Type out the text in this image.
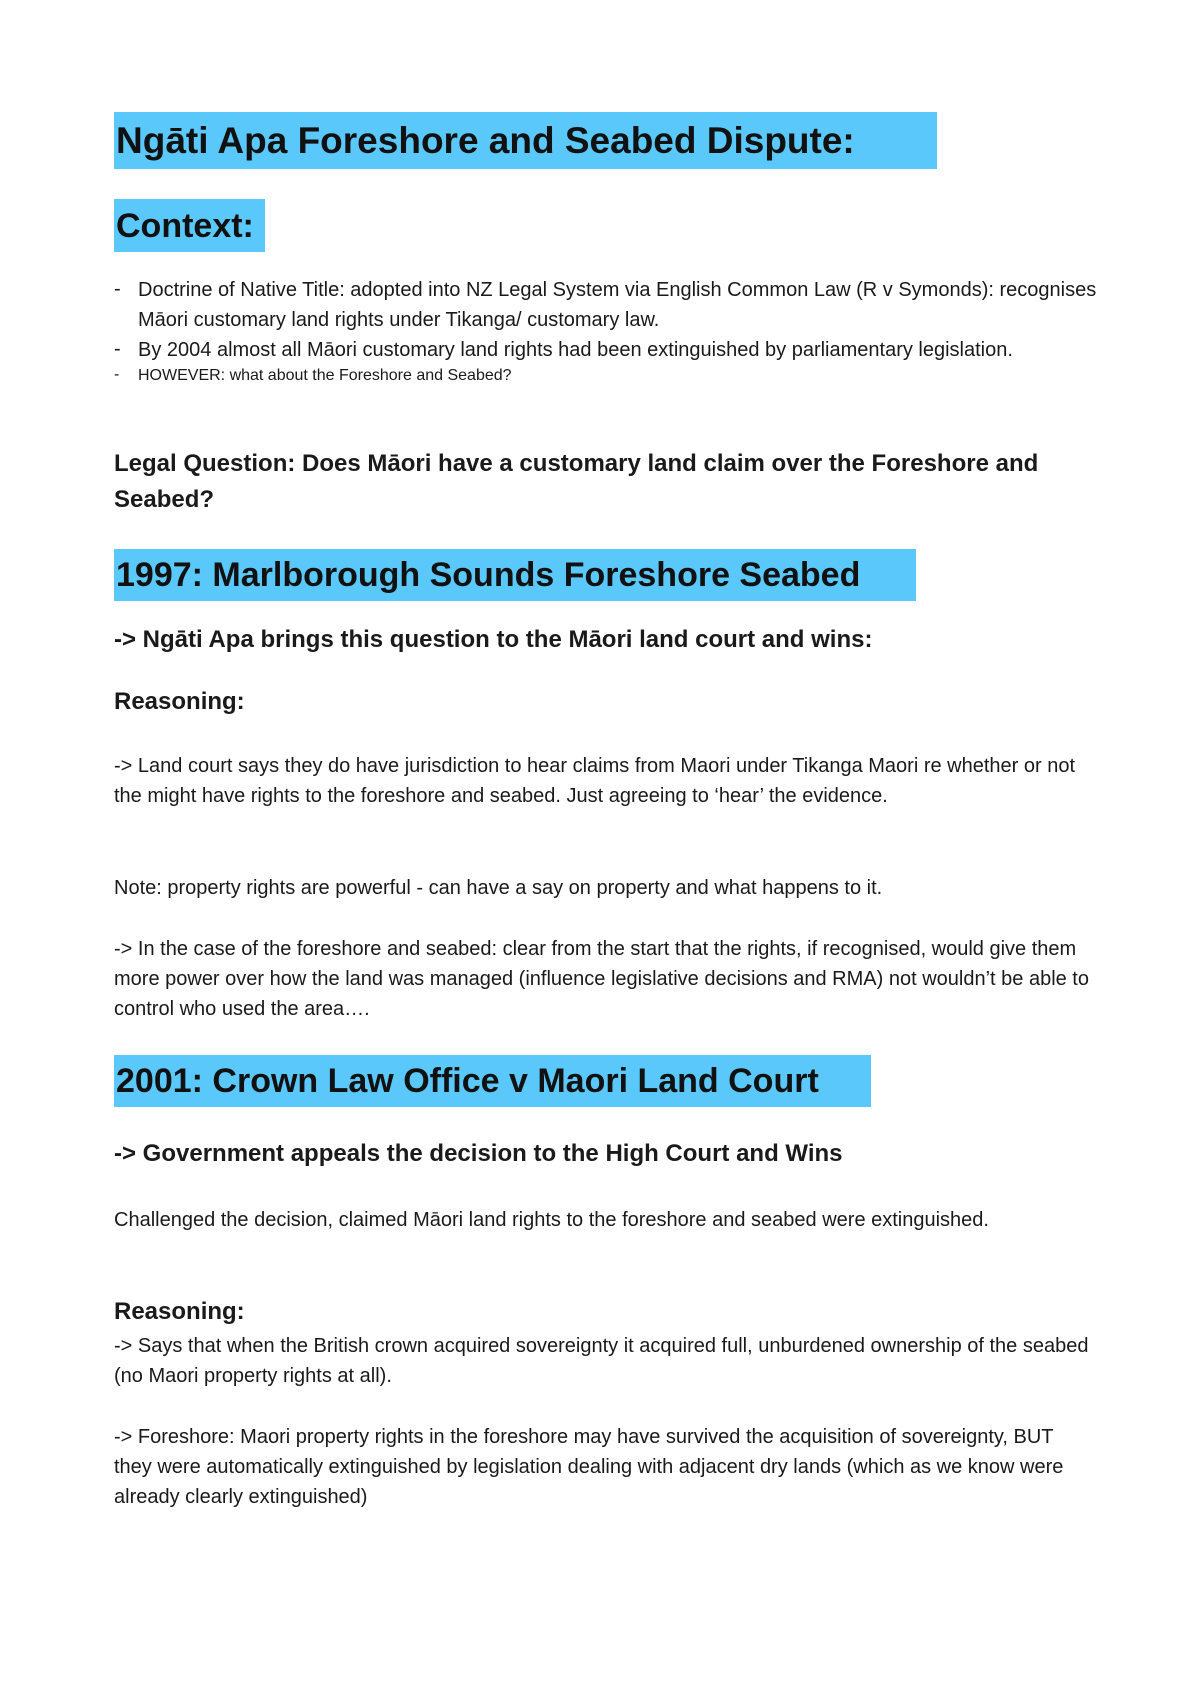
Ngāti Apa Foreshore and Seabed Dispute:
Context:
- Doctrine of Native Title: adopted into NZ Legal System via English Common Law (R v Symonds): recognises Māori customary land rights under Tikanga/ customary law.
- By 2004 almost all Māori customary land rights had been extinguished by parliamentary legislation.
- HOWEVER: what about the Foreshore and Seabed?

Legal Question: Does Māori have a customary land claim over the Foreshore and Seabed?

1997: Marlborough Sounds Foreshore Seabed

-> Ngāti Apa brings this question to the Māori land court and wins:

Reasoning:

-> Land court says they do have jurisdiction to hear claims from Maori under Tikanga Maori re whether or not the might have rights to the foreshore and seabed. Just agreeing to ‘hear’ the evidence.

Note: property rights are powerful - can have a say on property and what happens to it.

-> In the case of the foreshore and seabed: clear from the start that the rights, if recognised, would give them more power over how the land was managed (influence legislative decisions and RMA) not wouldn’t be able to control who used the area….

2001: Crown Law Office v Maori Land Court

-> Government appeals the decision to the High Court and Wins

Challenged the decision, claimed Māori land rights to the foreshore and seabed were extinguished.

Reasoning:

-> Says that when the British crown acquired sovereignty it acquired full, unburdened ownership of the seabed (no Maori property rights at all).

-> Foreshore: Maori property rights in the foreshore may have survived the acquisition of sovereignty, BUT they were automatically extinguished by legislation dealing with adjacent dry lands (which as we know were already clearly extinguished)
